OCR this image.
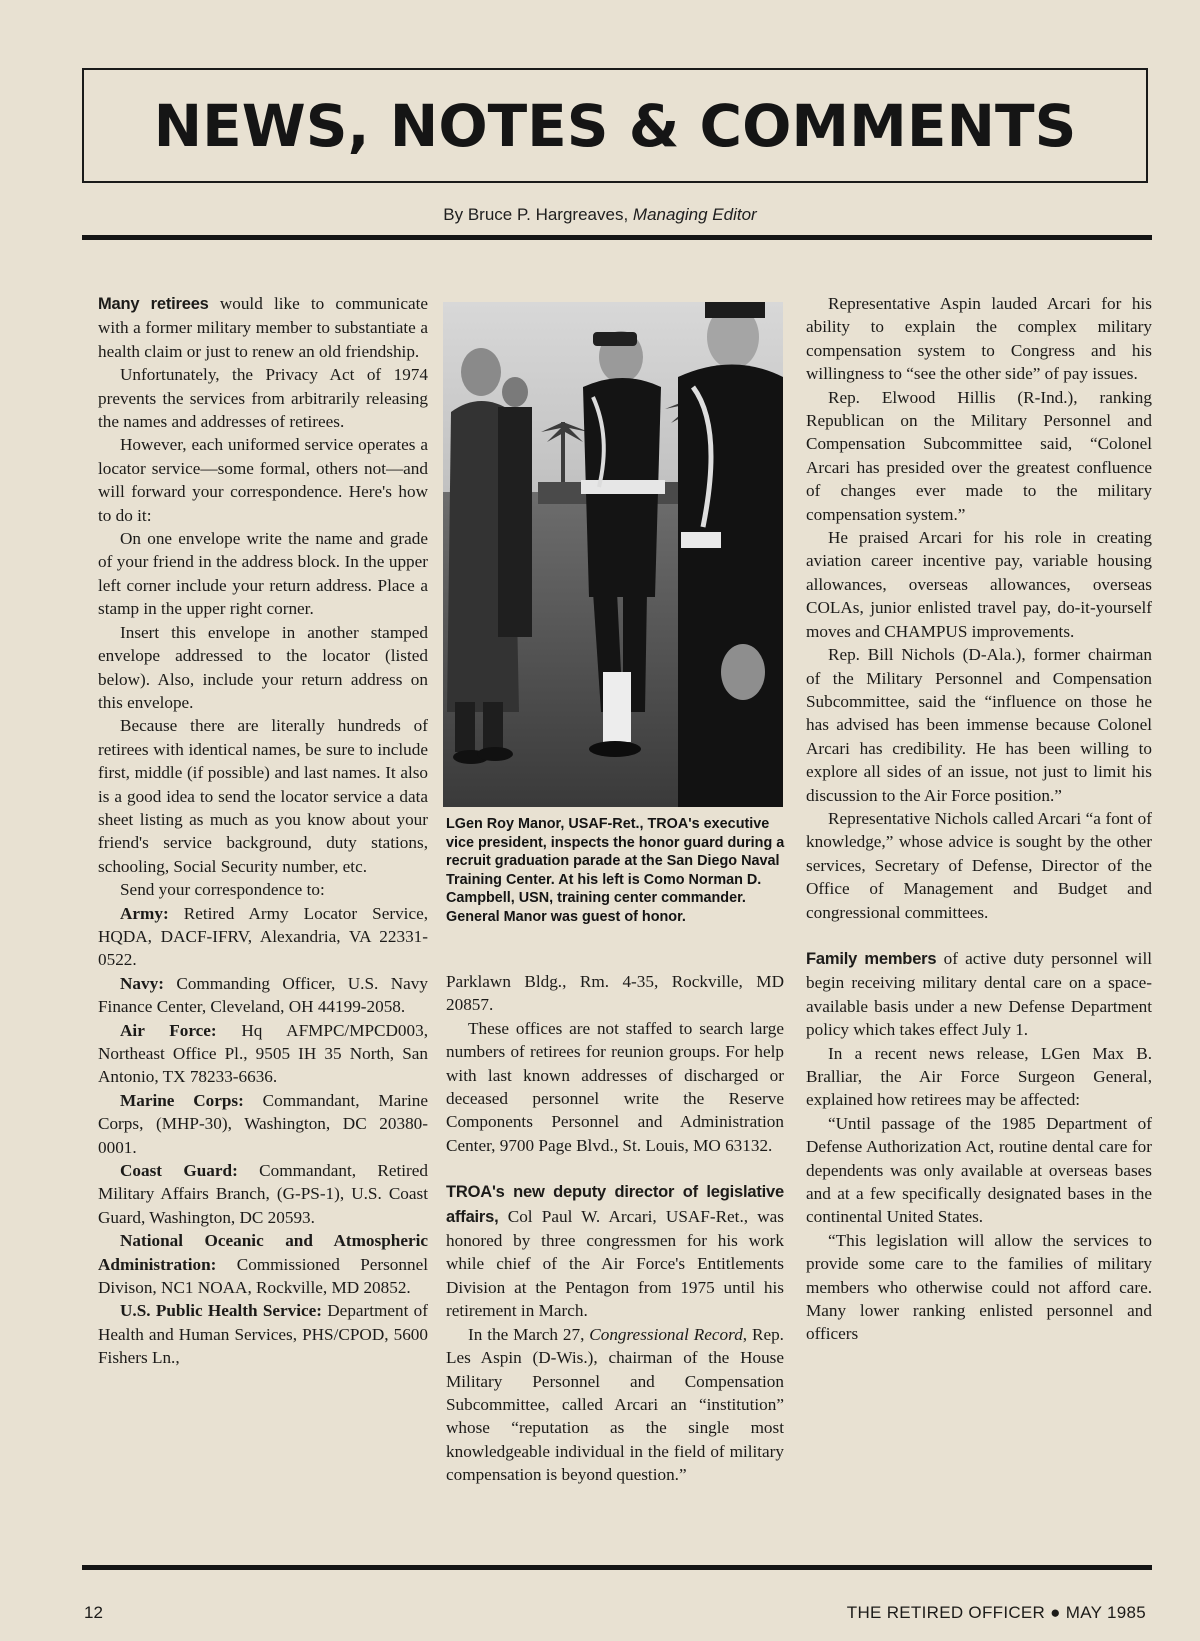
NEWS, NOTES & COMMENTS
By Bruce P. Hargreaves, Managing Editor

Many retirees would like to communicate with a former military member to substantiate a health claim or just to renew an old friendship.

Unfortunately, the Privacy Act of 1974 prevents the services from arbitrarily releasing the names and addresses of retirees.

However, each uniformed service operates a locator service—some formal, others not—and will forward your correspondence. Here's how to do it:

On one envelope write the name and grade of your friend in the address block. In the upper left corner include your return address. Place a stamp in the upper right corner.

Insert this envelope in another stamped envelope addressed to the locator (listed below). Also, include your return address on this envelope.

Because there are literally hundreds of retirees with identical names, be sure to include first, middle (if possible) and last names. It also is a good idea to send the locator service a data sheet listing as much as you know about your friend's service background, duty stations, schooling, Social Security number, etc.

Send your correspondence to:

Army: Retired Army Locator Service, HQDA, DACF-IFRV, Alexandria, VA 22331-0522.

Navy: Commanding Officer, U.S. Navy Finance Center, Cleveland, OH 44199-2058.

Air Force: Hq AFMPC/MPCD003, Northeast Office Pl., 9505 IH 35 North, San Antonio, TX 78233-6636.

Marine Corps: Commandant, Marine Corps, (MHP-30), Washington, DC 20380-0001.

Coast Guard: Commandant, Retired Military Affairs Branch, (G-PS-1), U.S. Coast Guard, Washington, DC 20593.

National Oceanic and Atmospheric Administration: Commissioned Personnel Divison, NC1 NOAA, Rockville, MD 20852.

U.S. Public Health Service: Department of Health and Human Services, PHS/CPOD, 5600 Fishers Ln.,

LGen Roy Manor, USAF-Ret., TROA's executive vice president, inspects the honor guard during a recruit graduation parade at the San Diego Naval Training Center. At his left is Como Norman D. Campbell, USN, training center commander. General Manor was guest of honor.

Parklawn Bldg., Rm. 4-35, Rockville, MD 20857.

These offices are not staffed to search large numbers of retirees for reunion groups. For help with last known addresses of discharged or deceased personnel write the Reserve Components Personnel and Administration Center, 9700 Page Blvd., St. Louis, MO 63132.

TROA's new deputy director of legislative affairs, Col Paul W. Arcari, USAF-Ret., was honored by three congressmen for his work while chief of the Air Force's Entitlements Division at the Pentagon from 1975 until his retirement in March.

In the March 27, Congressional Record, Rep. Les Aspin (D-Wis.), chairman of the House Military Personnel and Compensation Subcommittee, called Arcari an “institution” whose “reputation as the single most knowledgeable individual in the field of military compensation is beyond question.”

Representative Aspin lauded Arcari for his ability to explain the complex military compensation system to Congress and his willingness to “see the other side” of pay issues.

Rep. Elwood Hillis (R-Ind.), ranking Republican on the Military Personnel and Compensation Subcommittee said, “Colonel Arcari has presided over the greatest confluence of changes ever made to the military compensation system.”

He praised Arcari for his role in creating aviation career incentive pay, variable housing allowances, overseas allowances, overseas COLAs, junior enlisted travel pay, do-it-yourself moves and CHAMPUS improvements.

Rep. Bill Nichols (D-Ala.), former chairman of the Military Personnel and Compensation Subcommittee, said the “influence on those he has advised has been immense because Colonel Arcari has credibility. He has been willing to explore all sides of an issue, not just to limit his discussion to the Air Force position.”

Representative Nichols called Arcari “a font of knowledge,” whose advice is sought by the other services, Secretary of Defense, Director of the Office of Management and Budget and congressional committees.

Family members of active duty personnel will begin receiving military dental care on a space-available basis under a new Defense Department policy which takes effect July 1.

In a recent news release, LGen Max B. Bralliar, the Air Force Surgeon General, explained how retirees may be affected:

“Until passage of the 1985 Department of Defense Authorization Act, routine dental care for dependents was only available at overseas bases and at a few specifically designated bases in the continental United States.

“This legislation will allow the services to provide some care to the families of military members who otherwise could not afford care. Many lower ranking enlisted personnel and officers

12	THE RETIRED OFFICER ● MAY 1985
